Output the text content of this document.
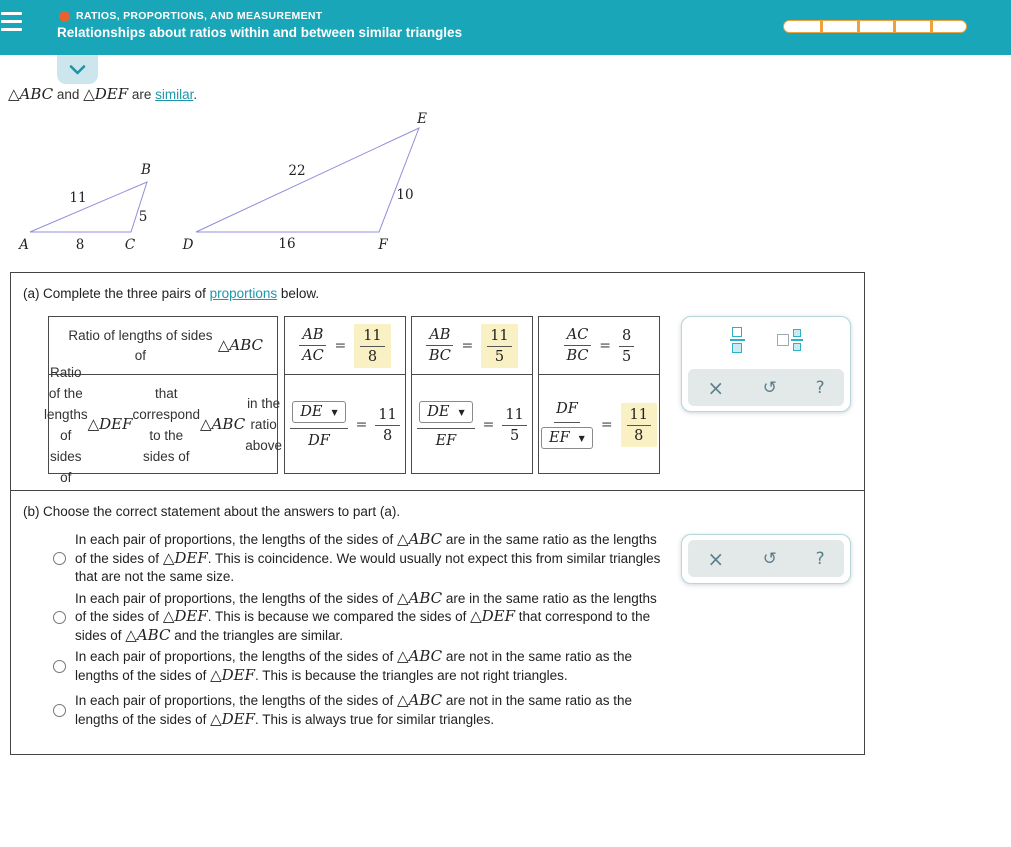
RATIOS, PROPORTIONS, AND MEASUREMENT
Relationships about ratios within and between similar triangles
△ABC and △DEF are similar.
A
B
C
11
5
8	D
E
F
22
10
16
(a) Complete the three pairs of proportions below.
Ratio of lengths of sides of
△ABC
Ratio of the lengths of sides of
△DEF
that correspond to the sides of
△ABC
in the ratio above
$\frac{AB}{AC} = \frac{11}{8}$
$\frac{DE ▼}{DF} = \frac{11}{8}$
$\frac{AB}{BC} = \frac{11}{5}$
$\frac{DE ▼}{EF} = \frac{11}{5}$
$\frac{AC}{BC} = \frac{8}{5}$
$\frac{DF}{EF ▼} = \frac{11}{8}$
× ↺ ?
(b) Choose the correct statement about the answers to part (a).
In each pair of proportions, the lengths of the sides of △ABC are in the same ratio as the lengths of the sides of △DEF. This is coincidence. We would usually not expect this from similar triangles that are not the same size.
In each pair of proportions, the lengths of the sides of △ABC are in the same ratio as the lengths of the sides of △DEF. This is because we compared the sides of △DEF that correspond to the sides of △ABC and the triangles are similar.
In each pair of proportions, the lengths of the sides of △ABC are not in the same ratio as the lengths of the sides of △DEF. This is because the triangles are not right triangles.
In each pair of proportions, the lengths of the sides of △ABC are not in the same ratio as the lengths of the sides of △DEF. This is always true for similar triangles.
× ↺ ?
